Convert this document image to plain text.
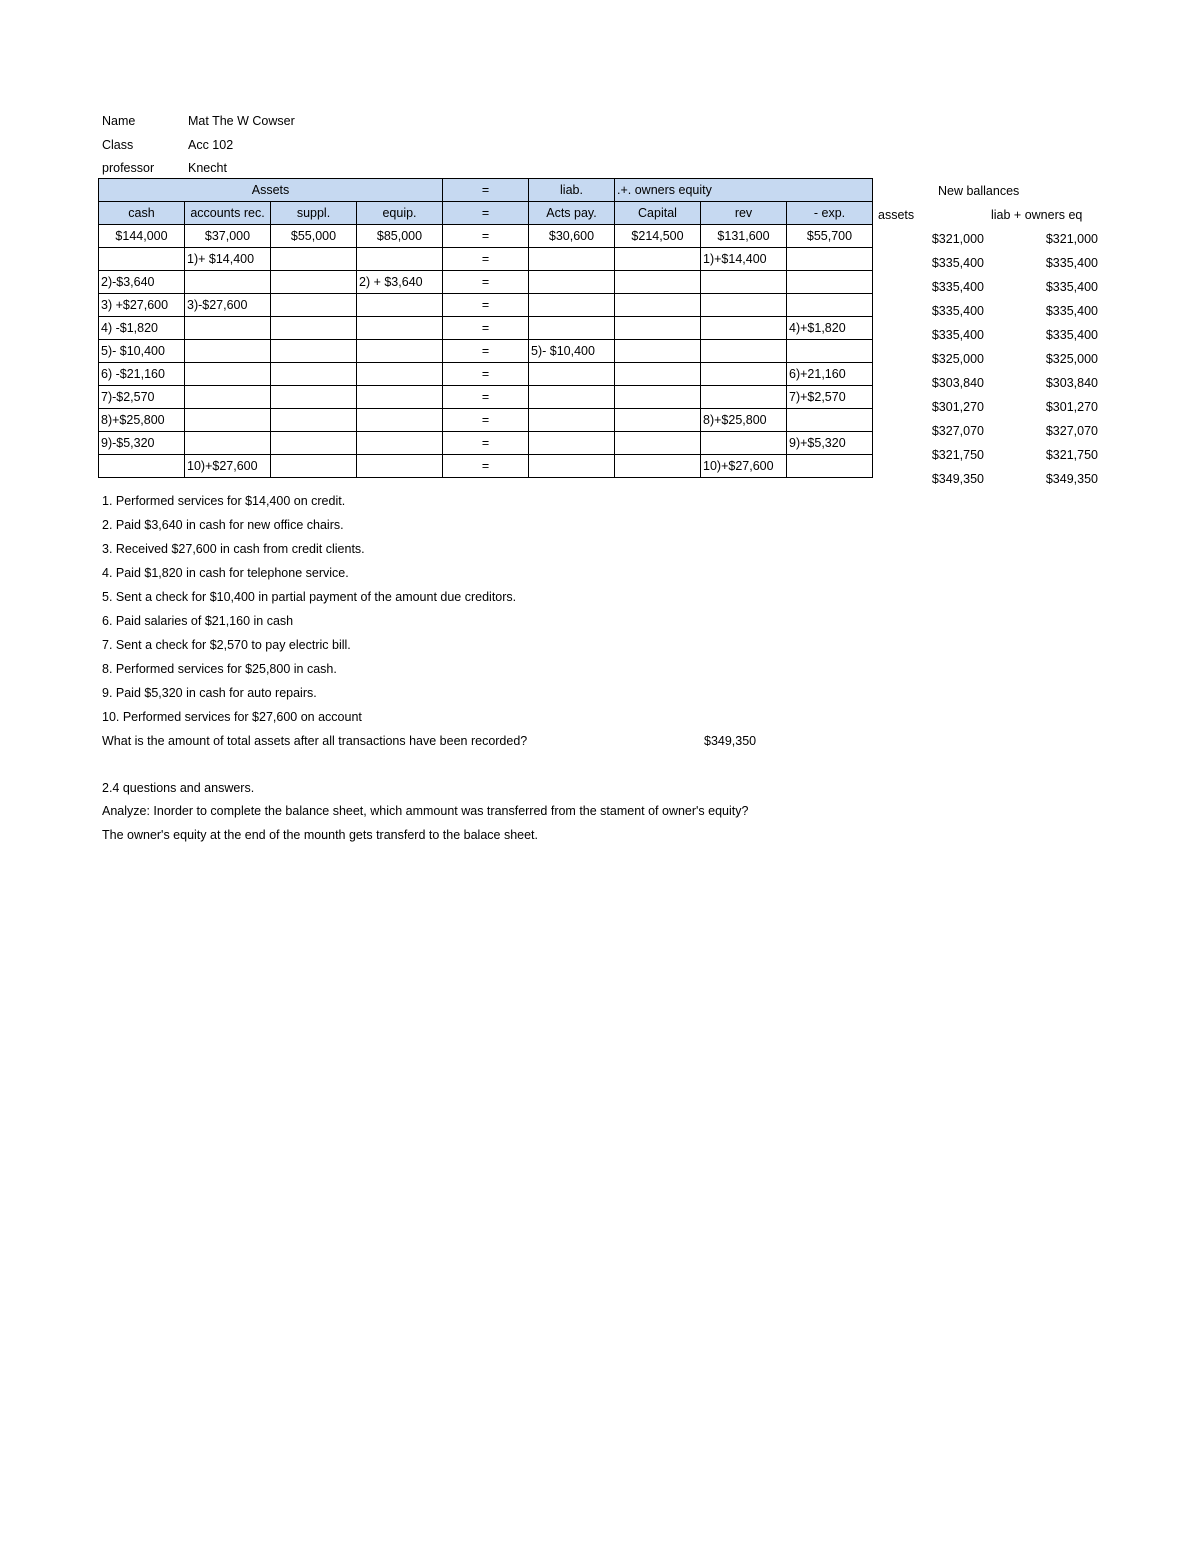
Name	Mat The W Cowser
Class	Acc 102
professor	Knecht
Assets				=	liab.	.+. owners equity		
cash	accounts rec.	suppl.	equip.	=	Acts pay.	Capital	rev	- exp.
$144,000	$37,000	$55,000	$85,000	=	$30,600	$214,500	$131,600	$55,700
	1)+ $14,400			=			1)+$14,400	
2)-$3,640			2) + $3,640	=				
3) +$27,600	3)-$27,600			=				
4) -$1,820				=				4)+$1,820
5)- $10,400				=	5)- $10,400			
6) -$21,160				=				6)+21,160
7)-$2,570				=				7)+$2,570
8)+$25,800				=			8)+$25,800	
9)-$5,320				=				9)+$5,320
	10)+$27,600			=			10)+$27,600	
New ballances
assets	liab + owners eq
$321,000	$321,000
$335,400	$335,400
$335,400	$335,400
$335,400	$335,400
$335,400	$335,400
$325,000	$325,000
$303,840	$303,840
$301,270	$301,270
$327,070	$327,070
$321,750	$321,750
$349,350	$349,350
1. Performed services for $14,400 on credit.
2. Paid $3,640 in cash for new office chairs.
3. Received $27,600 in cash from credit clients.
4. Paid $1,820 in cash for telephone service.
5. Sent a check for $10,400 in partial payment of the amount due creditors.
6. Paid salaries of $21,160 in cash
7. Sent a check for $2,570 to pay electric bill.
8. Performed services for $25,800 in cash.
9. Paid $5,320 in cash for auto repairs.
10. Performed services for $27,600 on account
What is the amount of total assets after all transactions have been recorded?	$349,350
2.4 questions and answers.
Analyze: Inorder to complete the balance sheet, which ammount was transferred from the stament of owner's equity?
The owner's equity at the end of the mounth gets transferd to the balace sheet.
